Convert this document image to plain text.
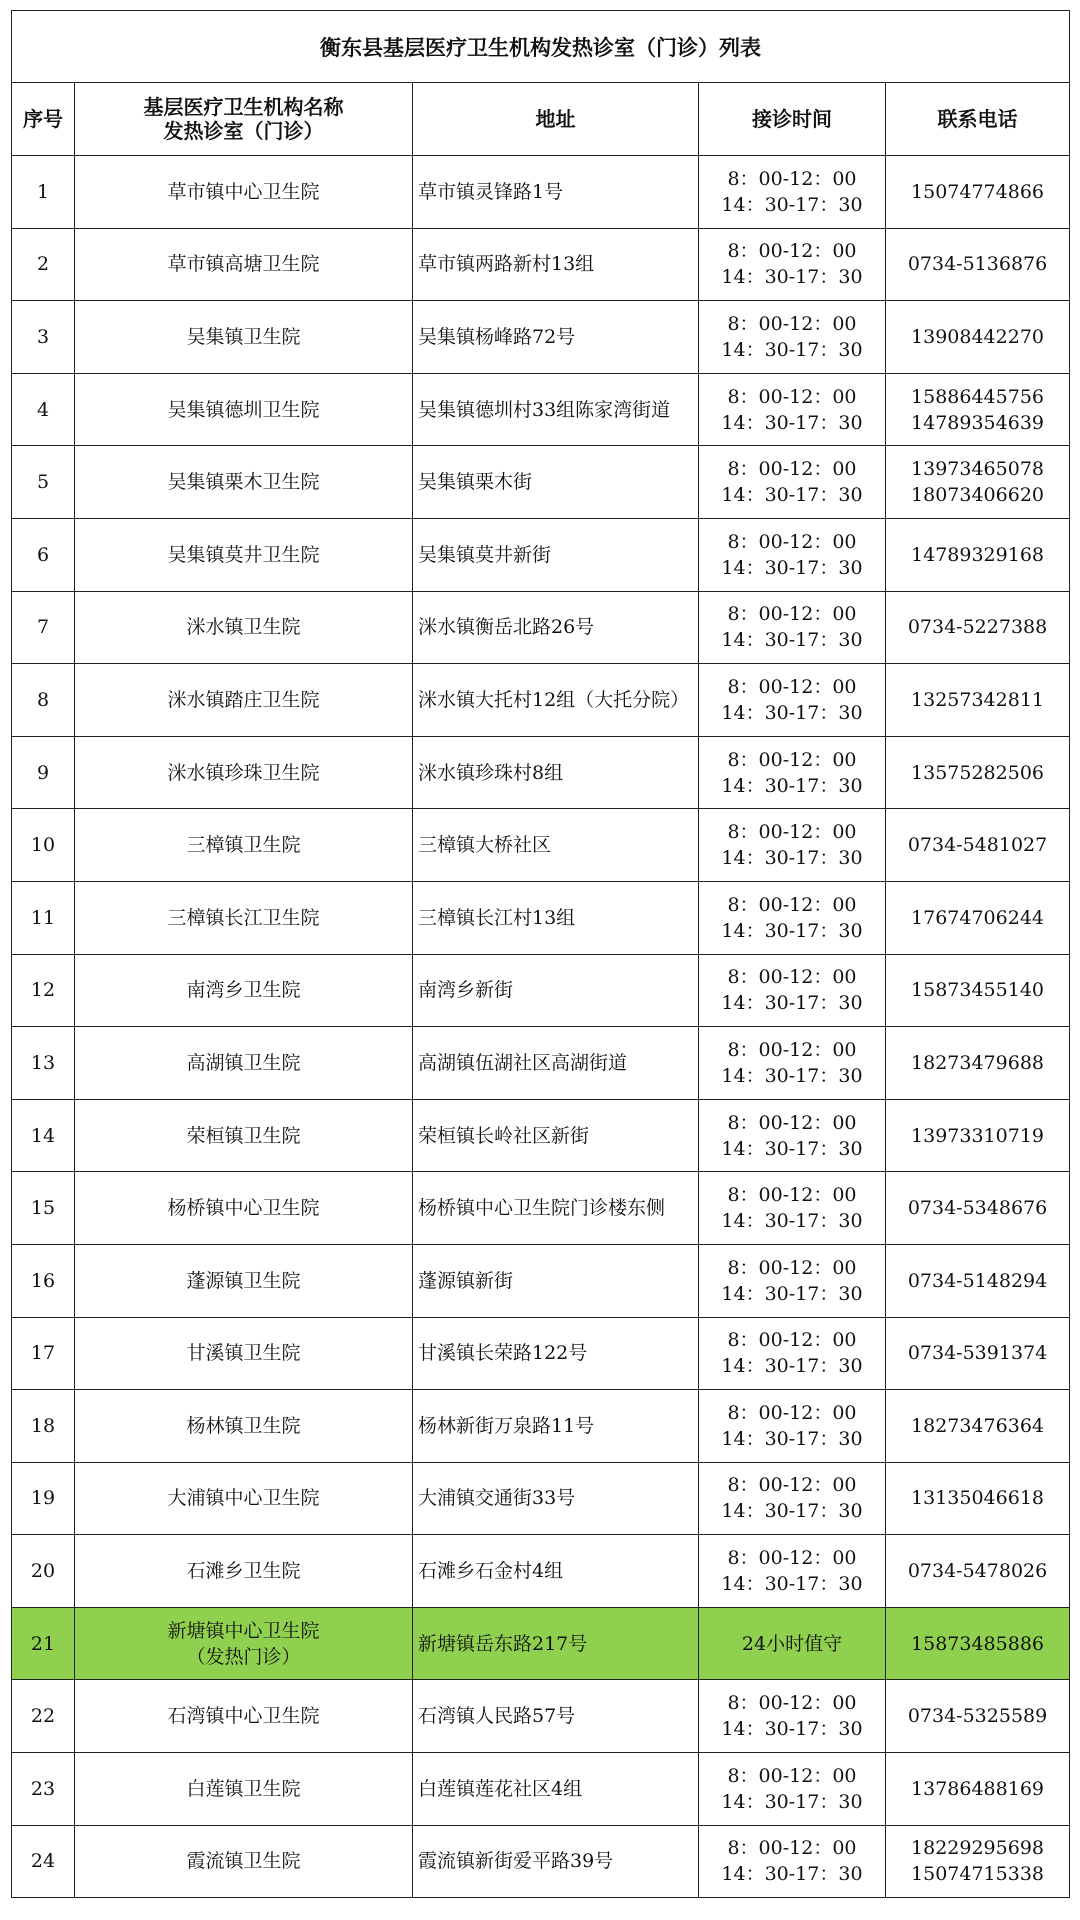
衡东县基层医疗卫生机构发热诊室（门诊）列表				
序号	基层医疗卫生机构名称
发热诊室（门诊）	地址	接诊时间	联系电话
1	草市镇中心卫生院	草市镇灵锋路1号	8：00-12：00
14：30-17：30	15074774866

2	草市镇高塘卫生院	草市镇两路新村13组	8：00-12：00
14：30-17：30	0734-5136876

3	吴集镇卫生院	吴集镇杨峰路72号	8：00-12：00
14：30-17：30	13908442270

4	吴集镇德圳卫生院	吴集镇德圳村33组陈家湾街道	8：00-12：00
14：30-17：30	15886445756
14789354639

5	吴集镇栗木卫生院	吴集镇栗木街	8：00-12：00
14：30-17：30	13973465078
18073406620

6	吴集镇莫井卫生院	吴集镇莫井新街	8：00-12：00
14：30-17：30	14789329168

7	洣水镇卫生院	洣水镇衡岳北路26号	8：00-12：00
14：30-17：30	0734-5227388

8	洣水镇踏庄卫生院	洣水镇大托村12组（大托分院）	8：00-12：00
14：30-17：30	13257342811

9	洣水镇珍珠卫生院	洣水镇珍珠村8组	8：00-12：00
14：30-17：30	13575282506

10	三樟镇卫生院	三樟镇大桥社区	8：00-12：00
14：30-17：30	0734-5481027

11	三樟镇长江卫生院	三樟镇长江村13组	8：00-12：00
14：30-17：30	17674706244

12	南湾乡卫生院	南湾乡新街	8：00-12：00
14：30-17：30	15873455140

13	高湖镇卫生院	高湖镇伍湖社区高湖街道	8：00-12：00
14：30-17：30	18273479688

14	荣桓镇卫生院	荣桓镇长岭社区新街	8：00-12：00
14：30-17：30	13973310719

15	杨桥镇中心卫生院	杨桥镇中心卫生院门诊楼东侧	8：00-12：00
14：30-17：30	0734-5348676

16	蓬源镇卫生院	蓬源镇新街	8：00-12：00
14：30-17：30	0734-5148294

17	甘溪镇卫生院	甘溪镇长荣路122号	8：00-12：00
14：30-17：30	0734-5391374

18	杨林镇卫生院	杨林新街万泉路11号	8：00-12：00
14：30-17：30	18273476364

19	大浦镇中心卫生院	大浦镇交通街33号	8：00-12：00
14：30-17：30	13135046618

20	石滩乡卫生院	石滩乡石金村4组	8：00-12：00
14：30-17：30	0734-5478026

21	新塘镇中心卫生院
（发热门诊）	新塘镇岳东路217号	24小时值守	15873485886

22	石湾镇中心卫生院	石湾镇人民路57号	8：00-12：00
14：30-17：30	0734-5325589

23	白莲镇卫生院	白莲镇莲花社区4组	8：00-12：00
14：30-17：30	13786488169

24	霞流镇卫生院	霞流镇新街爱平路39号	8：00-12：00
14：30-17：30	18229295698
15074715338
